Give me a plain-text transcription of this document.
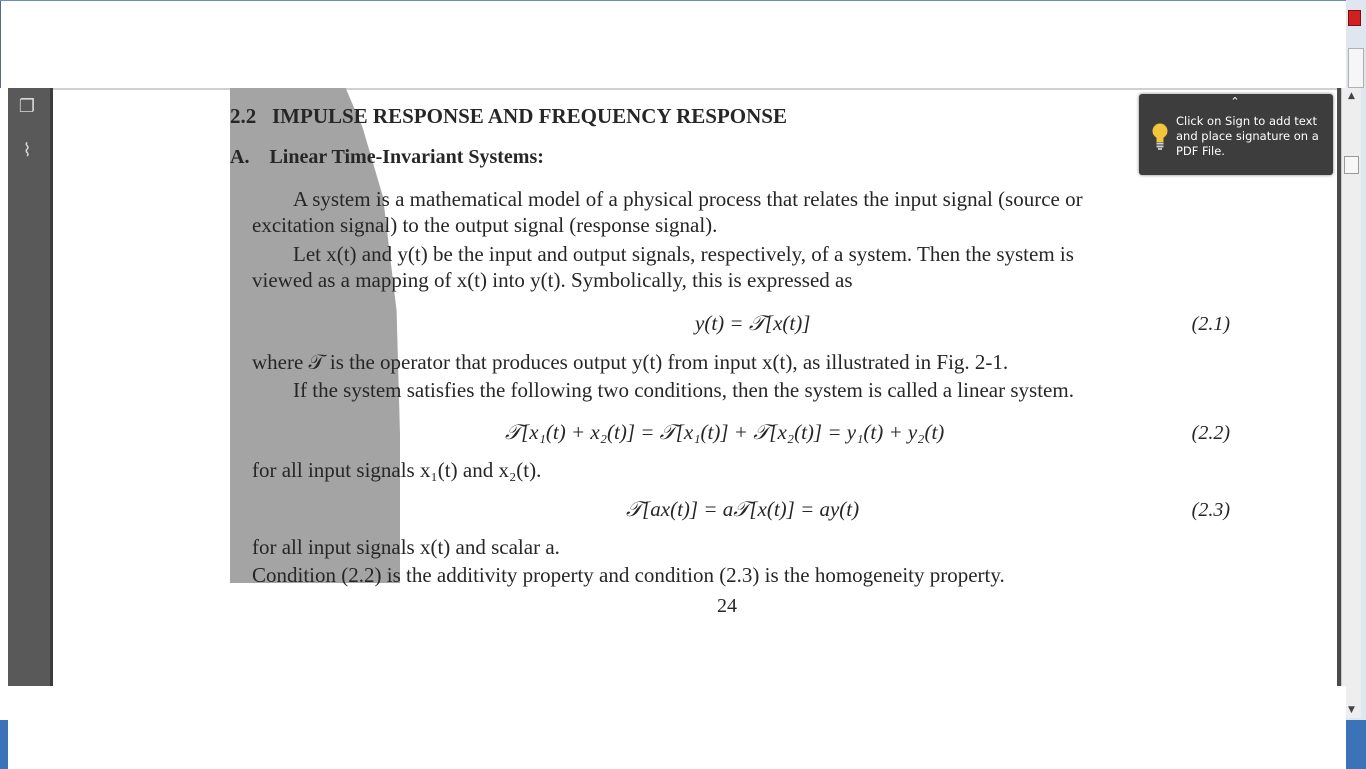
❐
⌇
▲
▼
2.2 IMPULSE RESPONSE AND FREQUENCY RESPONSE
A. Linear Time-Invariant Systems:
A system is a mathematical model of a physical process that relates the input signal (source or
excitation signal) to the output signal (response signal).
Let x(t) and y(t) be the input and output signals, respectively, of a system. Then the system is
viewed as a mapping of x(t) into y(t). Symbolically, this is expressed as
y(t) = 𝒯[x(t)]	(2.1)
where 𝒯 is the operator that produces output y(t) from input x(t), as illustrated in Fig. 2-1.
If the system satisfies the following two conditions, then the system is called a linear system.
𝒯[x₁(t) + x₂(t)] = 𝒯[x₁(t)] + 𝒯[x₂(t)] = y₁(t) + y₂(t)	(2.2)
for all input signals x₁(t) and x₂(t).
𝒯[ax(t)] = a𝒯[x(t)] = ay(t)	(2.3)
for all input signals x(t) and scalar a.
Condition (2.2) is the additivity property and condition (2.3) is the homogeneity property.
24
⌃
Click on Sign to add text and place signature on a PDF File.
